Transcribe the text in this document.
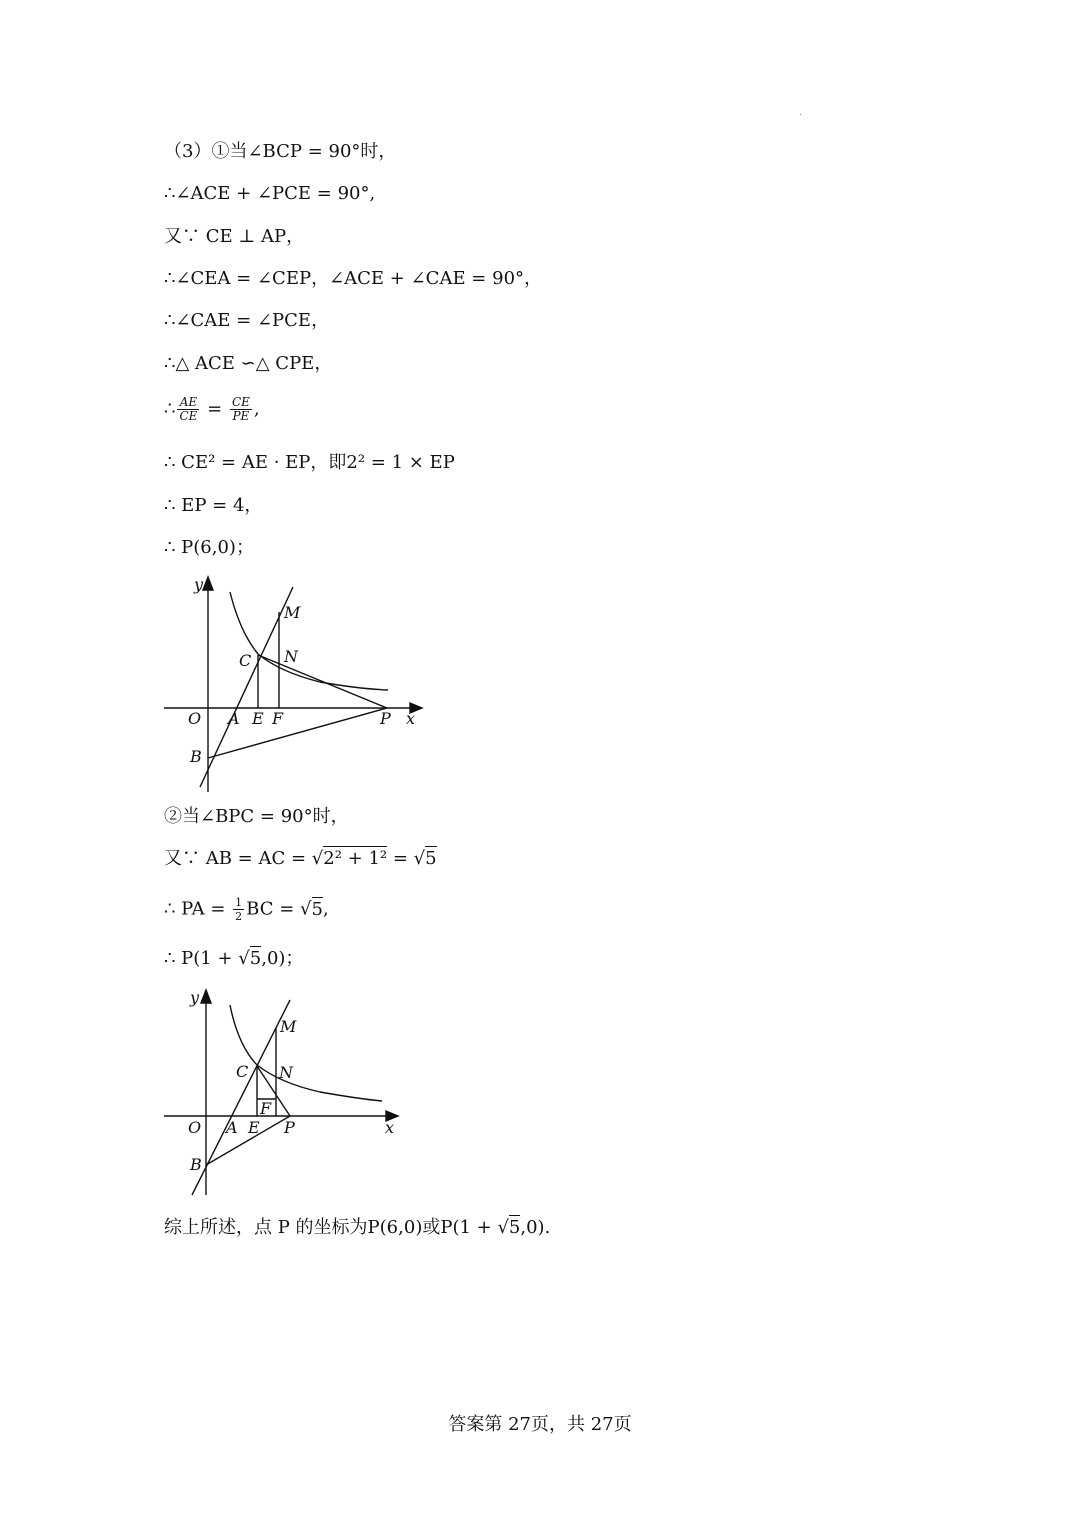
（3）①当∠BCP = 90°时，
∴∠ACE + ∠PCE = 90°,
又∵ CE ⊥ AP，
∴∠CEA = ∠CEP，∠ACE + ∠CAE = 90°，
∴∠CAE = ∠PCE，
∴△ ACE ∽△ CPE，
∴ $\frac{AE}{CE} = \frac{CE}{PE}$ ,
∴ CE² = AE · EP，即2² = 1 × EP
∴ EP = 4，
∴ P(6,0)；
y
x
O A E F	P
B
C
M
N
②当∠BPC = 90°时，
又∵ AB = AC = √2² + 1² = √5
∴ PA = $\frac{1}{2}$ BC = √5,
∴ P(1 + √5,0)；
y
x
O A E
F
P
B
C
M
N
综上所述，点 P 的坐标为P(6,0)或P(1 + √5,0).
答案第 27页，共 27页
